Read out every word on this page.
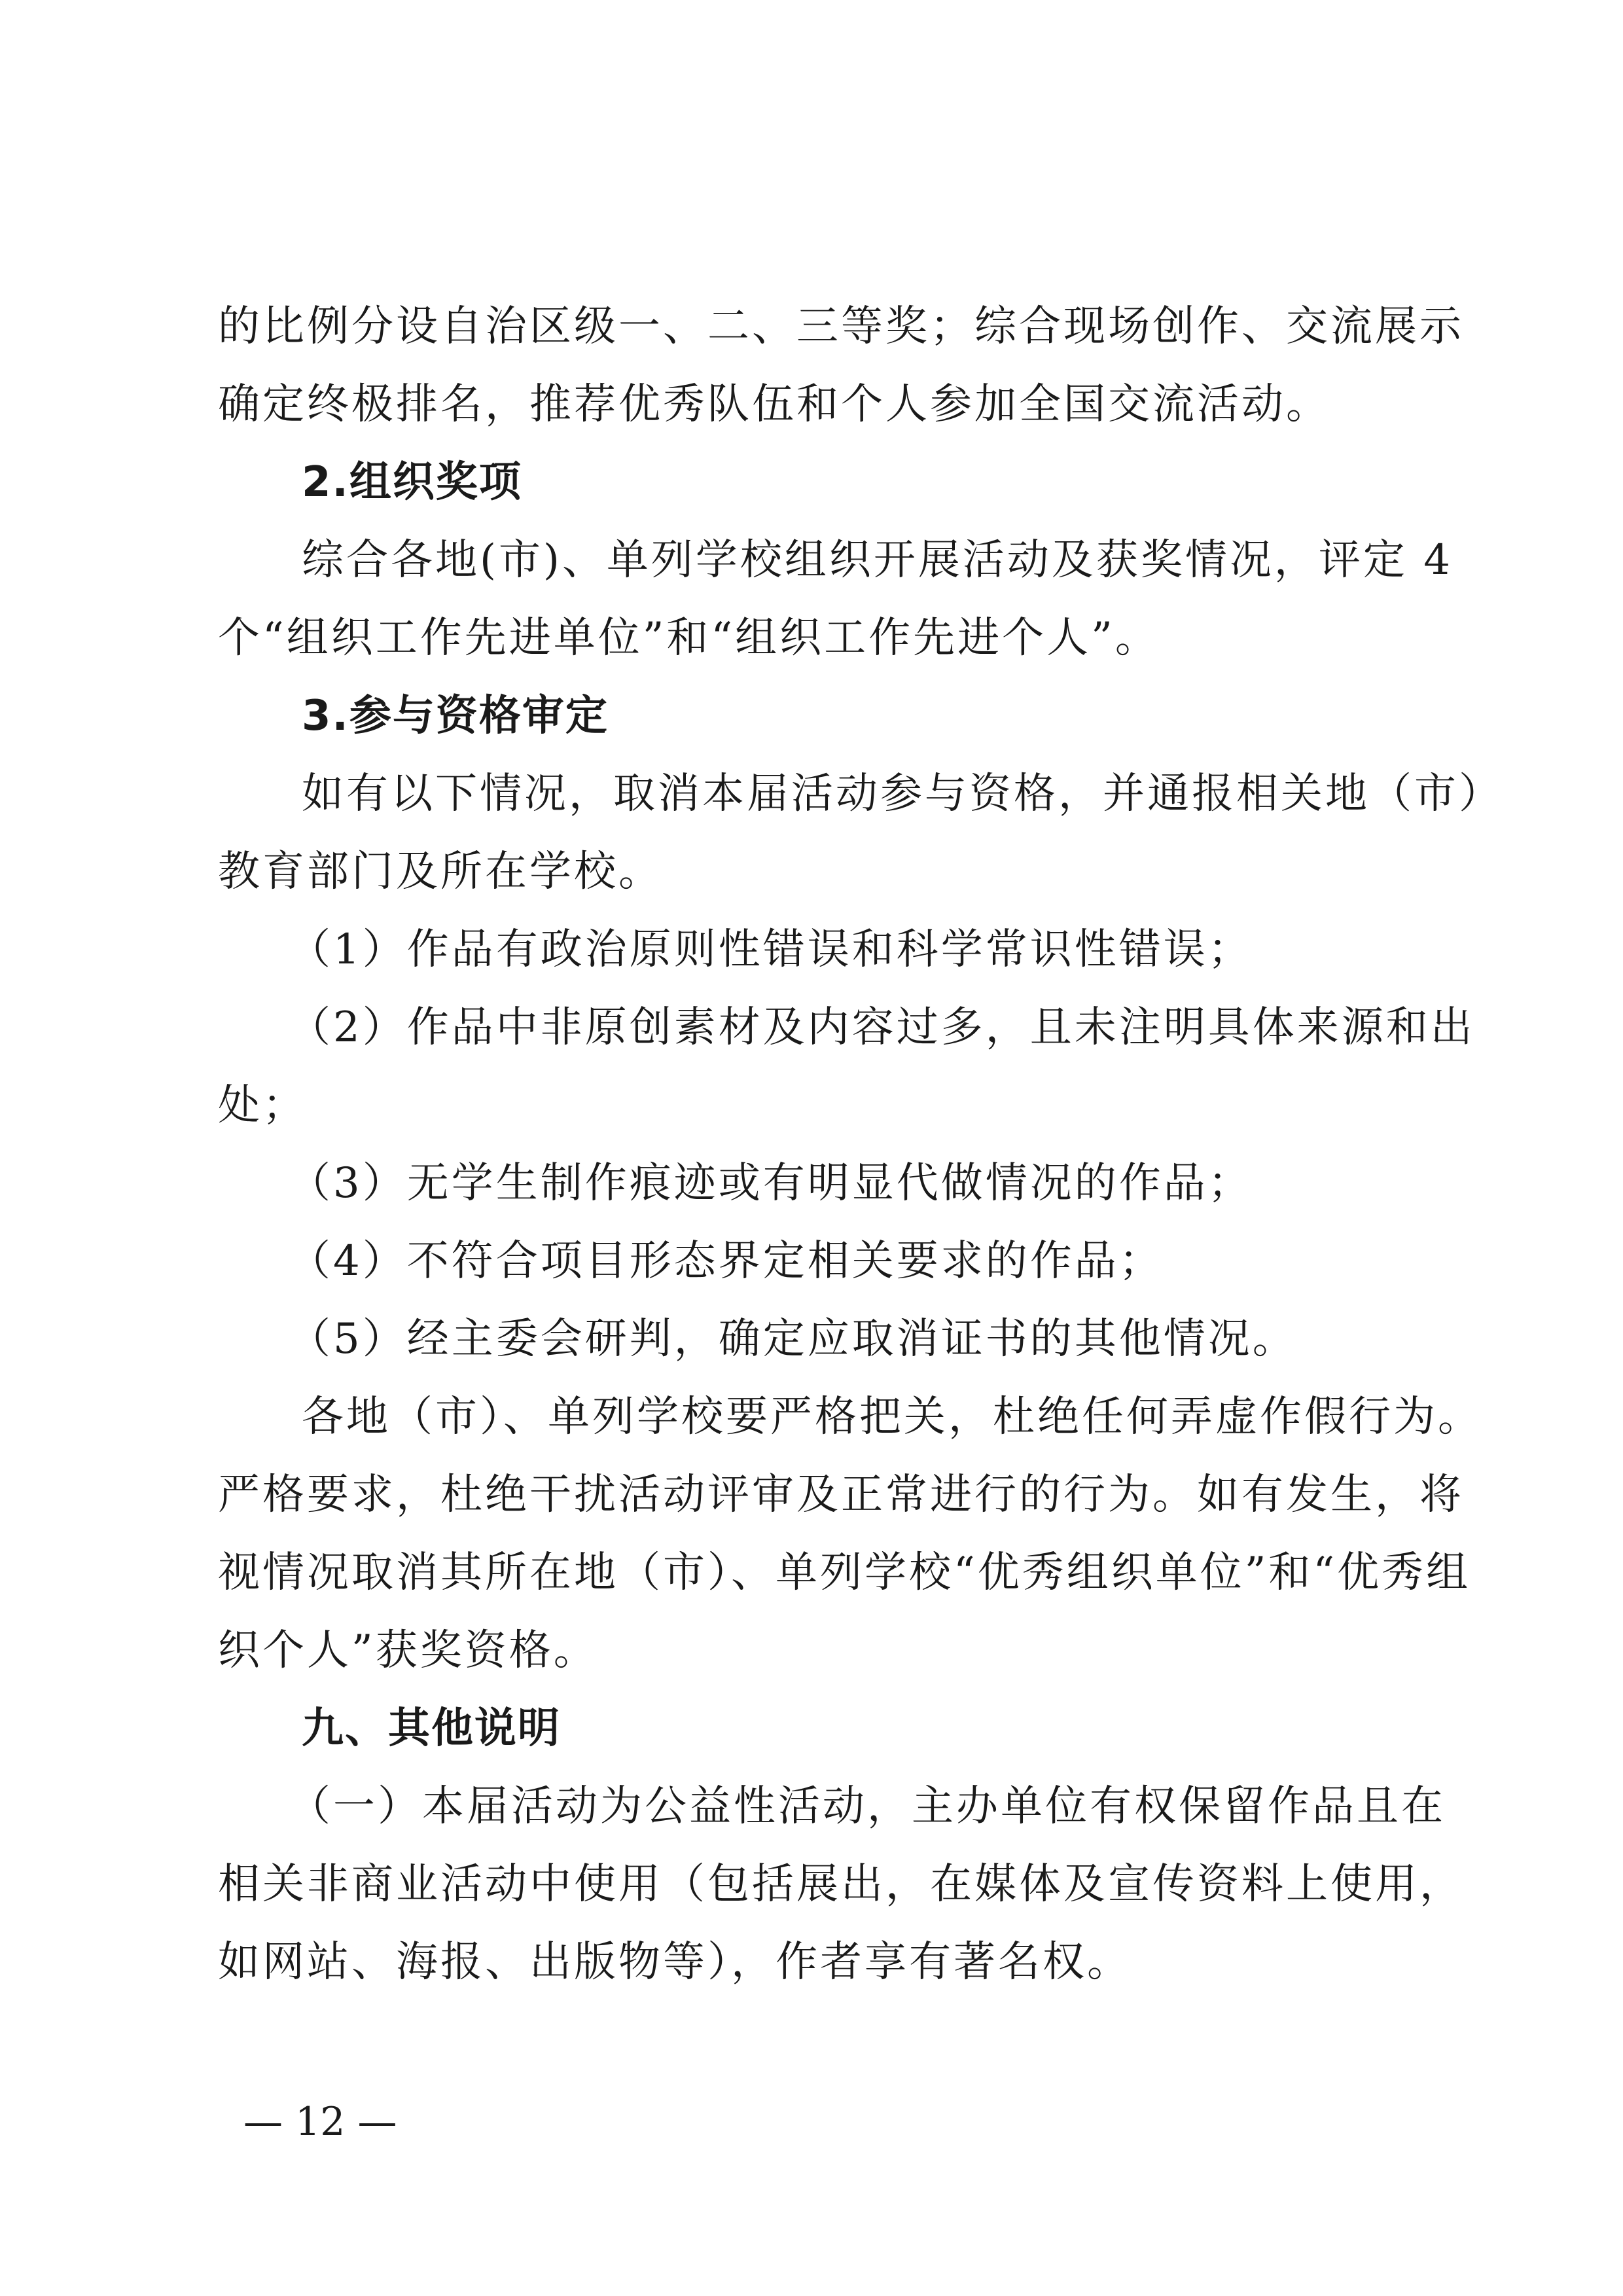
的比例分设自治区级一、二、三等奖；综合现场创作、交流展示
确定终极排名，推荐优秀队伍和个人参加全国交流活动。
2.组织奖项
综合各地(市)、单列学校组织开展活动及获奖情况，评定 4
个“组织工作先进单位”和“组织工作先进个人”。
3.参与资格审定
如有以下情况，取消本届活动参与资格，并通报相关地（市）
教育部门及所在学校。
（1）作品有政治原则性错误和科学常识性错误；
（2）作品中非原创素材及内容过多，且未注明具体来源和出
处；
（3）无学生制作痕迹或有明显代做情况的作品；
（4）不符合项目形态界定相关要求的作品；
（5）经主委会研判，确定应取消证书的其他情况。
各地（市）、单列学校要严格把关，杜绝任何弄虚作假行为。
严格要求，杜绝干扰活动评审及正常进行的行为。如有发生，将
视情况取消其所在地（市）、单列学校“优秀组织单位”和“优秀组
织个人”获奖资格。
九、其他说明
（一）本届活动为公益性活动，主办单位有权保留作品且在
相关非商业活动中使用（包括展出，在媒体及宣传资料上使用，
如网站、海报、出版物等），作者享有著名权。
— 12 —
